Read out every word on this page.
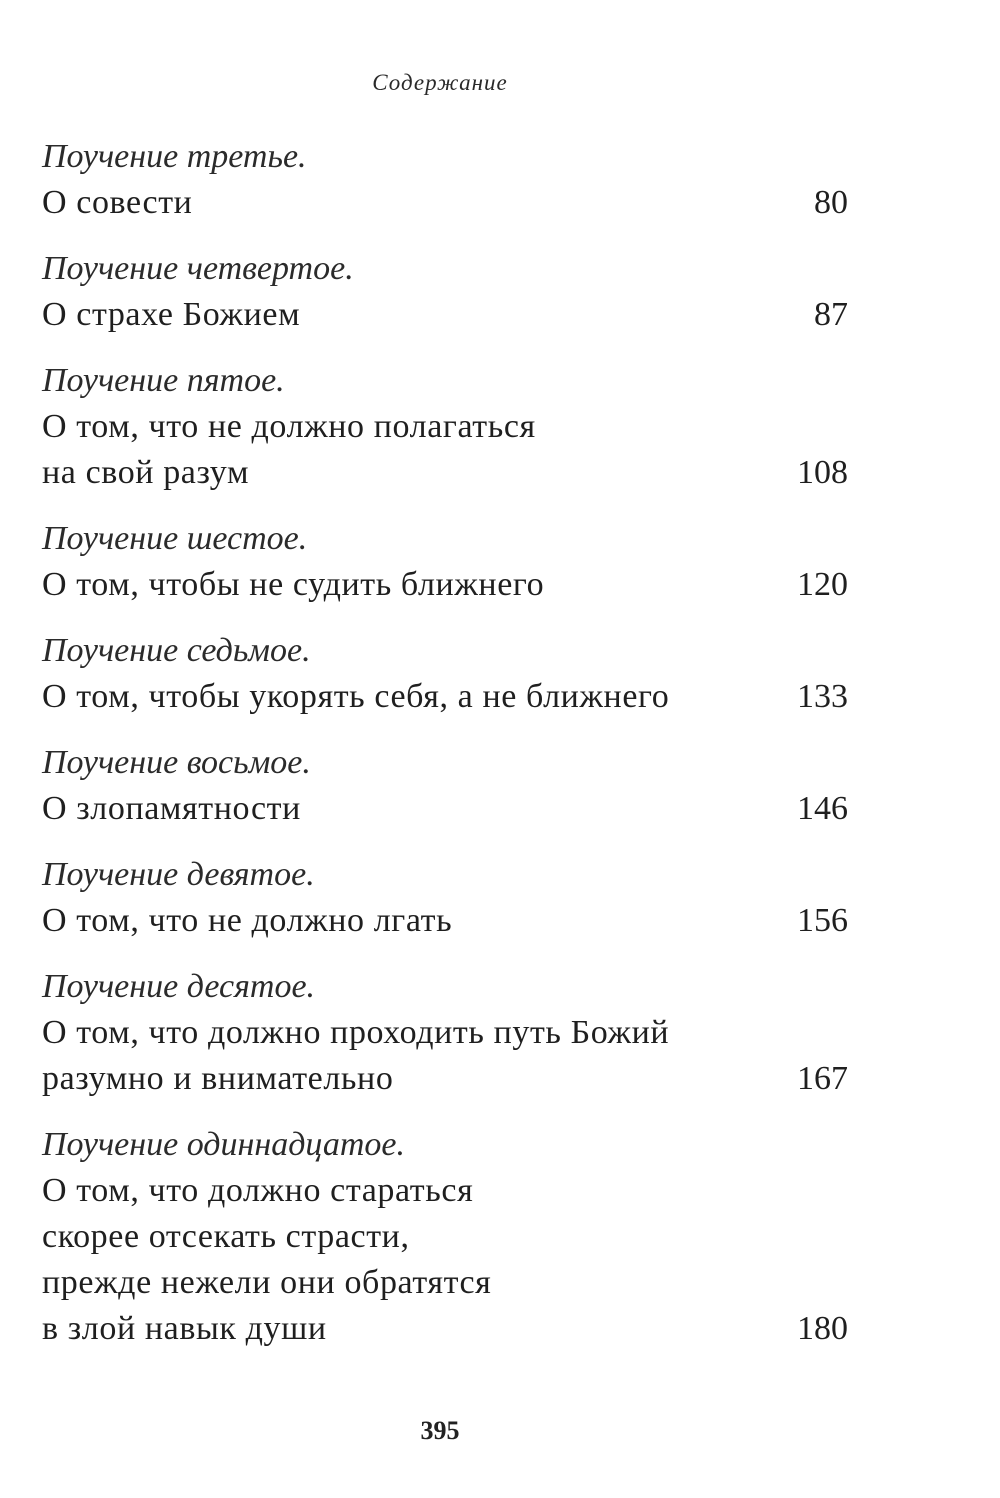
Содержание
Поучение третье.
О совести	80
Поучение четвертое.
О страхе Божием	87
Поучение пятое.
О том, что не должно полагаться
на свой разум	108
Поучение шестое.
О том, чтобы не судить ближнего	120
Поучение седьмое.
О том, чтобы укорять себя, а не ближнего	133
Поучение восьмое.
О злопамятности	146
Поучение девятое.
О том, что не должно лгать	156
Поучение десятое.
О том, что должно проходить путь Божий
разумно и внимательно	167
Поучение одиннадцатое.
О том, что должно стараться
скорее отсекать страсти,
прежде нежели они обратятся
в злой навык души	180
395
